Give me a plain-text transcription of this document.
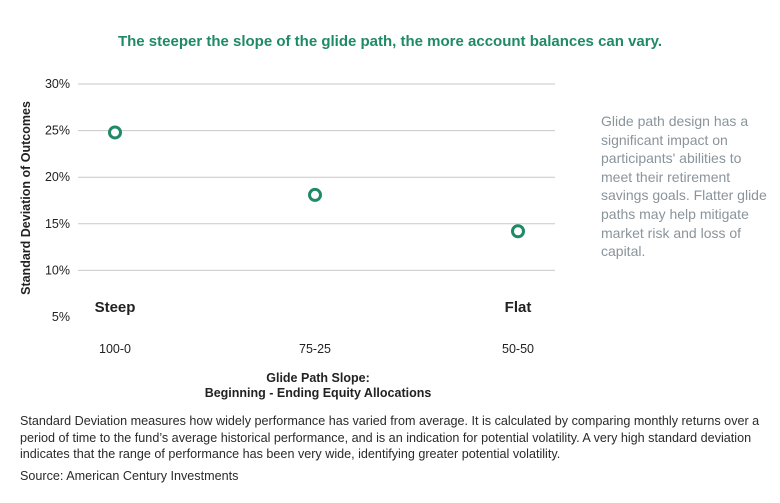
The steeper the slope of the glide path, the more account balances can vary.
5%
10%
15%
20%
25%
30%
Standard Deviation of Outcomes
100-0	75-25	50-50
Steep	Flat
Glide Path Slope:
Beginning - Ending Equity Allocations
Glide path design has a significant impact on participants' abilities to meet their retirement savings goals. Flatter glide paths may help mitigate market risk and loss of capital.
Standard Deviation measures how widely performance has varied from average. It is calculated by comparing monthly returns over a period of time to the fund’s average historical performance, and is an indication for potential volatility. A very high standard deviation indicates that the range of performance has been very wide, identifying greater potential volatility.
Source: American Century Investments
